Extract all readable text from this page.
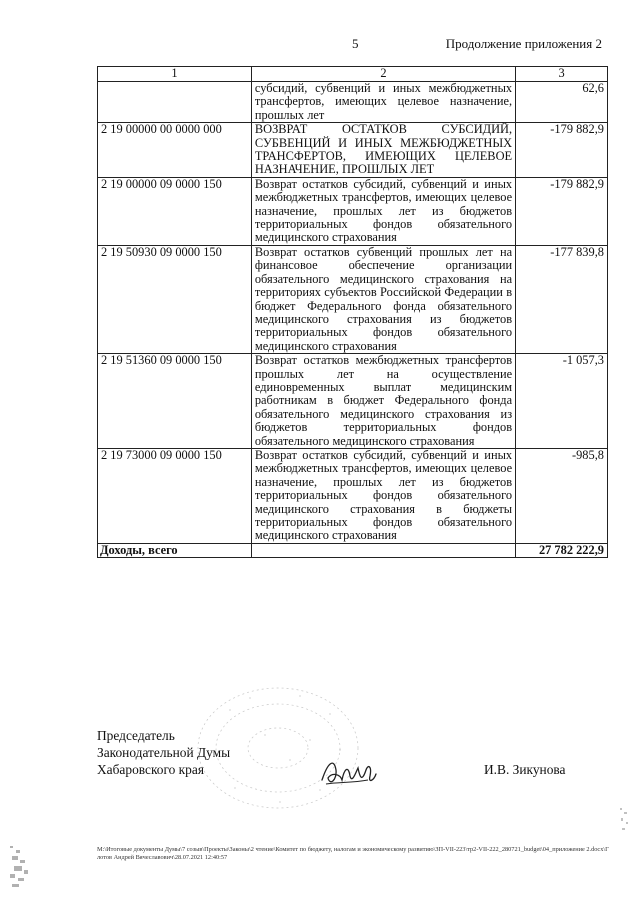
5	Продолжение приложения 2
1	2	3
	субсидий, субвенций и иных межбюджетных трансфертов, имеющих целевое назначение, прошлых лет	62,6
2 19 00000 00 0000 000	ВОЗВРАТ ОСТАТКОВ СУБСИДИЙ, СУБВЕНЦИЙ И ИНЫХ МЕЖБЮДЖЕТНЫХ ТРАНСФЕРТОВ, ИМЕЮЩИХ ЦЕЛЕВОЕ НАЗНАЧЕНИЕ, ПРОШЛЫХ ЛЕТ	-179 882,9
2 19 00000 09 0000 150	Возврат остатков субсидий, субвенций и иных межбюджетных трансфертов, имеющих целевое назначение, прошлых лет из бюджетов территориальных фондов обязательного медицинского страхования	-179 882,9
2 19 50930 09 0000 150	Возврат остатков субвенций прошлых лет на финансовое обеспечение организации обязательного медицинского страхования на территориях субъектов Российской Федерации в бюджет Федерального фонда обязательного медицинского страхования из бюджетов территориальных фондов обязательного медицинского страхования	-177 839,8
2 19 51360 09 0000 150	Возврат остатков межбюджетных трансфертов прошлых лет на осуществление единовременных выплат медицинским работникам в бюджет Федерального фонда обязательного медицинского страхования из бюджетов территориальных фондов обязательного медицинского страхования	-1 057,3
2 19 73000 09 0000 150	Возврат остатков субсидий, субвенций и иных межбюджетных трансфертов, имеющих целевое назначение, прошлых лет из бюджетов территориальных фондов обязательного медицинского страхования в бюджеты территориальных фондов обязательного медицинского страхования	-985,8
Доходы, всего		27 782 222,9
Председатель
Законодательной Думы
Хабаровского края	И.В. Зикунова
М:\Итоговые документы Думы\7 созыв\Проекты\Законы\2 чтение\Комитет по бюджету, налогам и экономическому развитию\ЗП-VII-223\тр2-VII-222_280721_budget\04_приложение 2.docx\Глотов Андрей Вячеславович\28.07.2021 12:40:57
